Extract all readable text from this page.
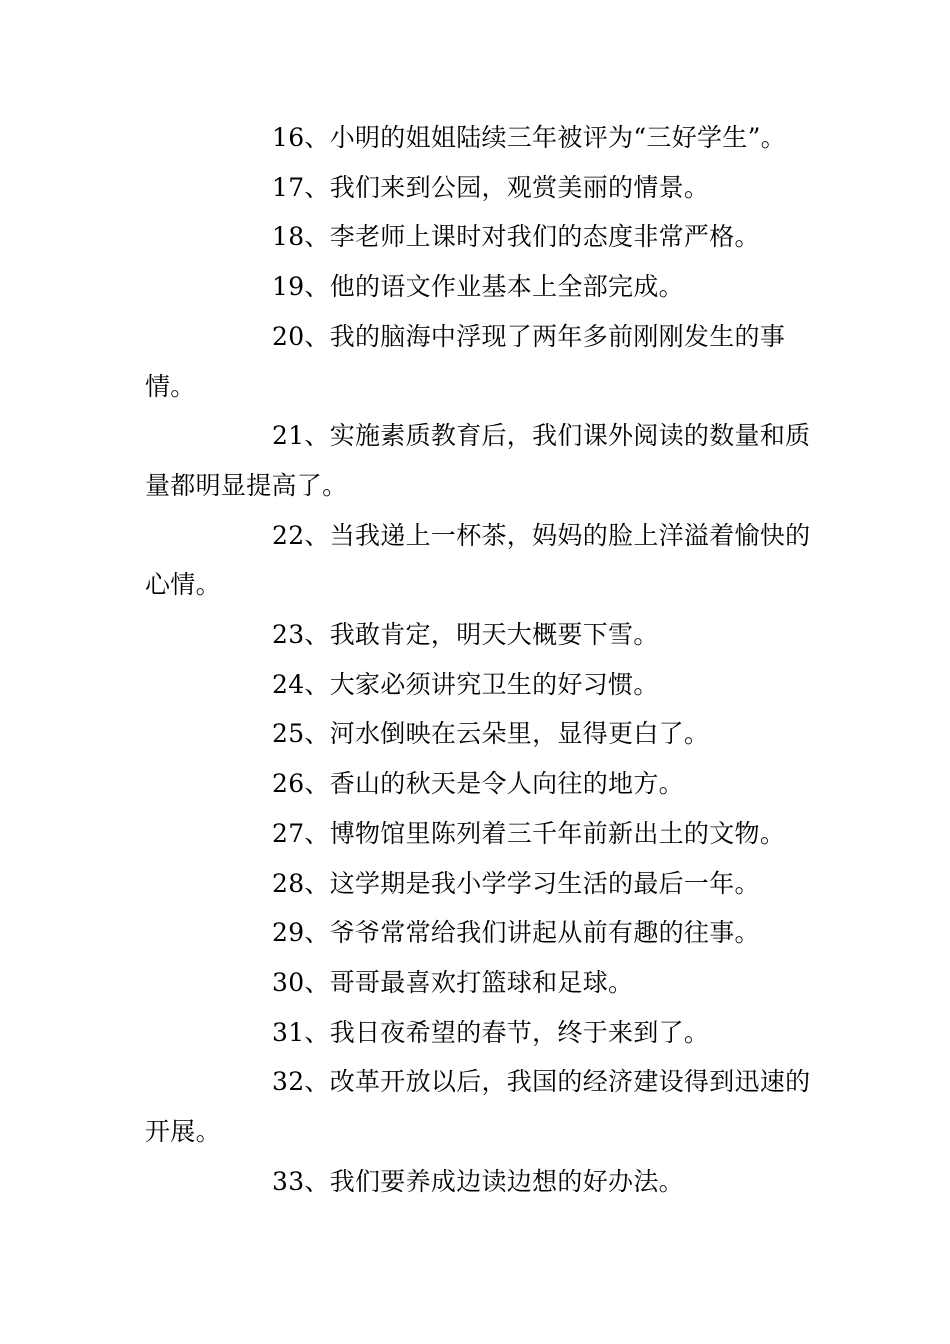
16、小明的姐姐陆续三年被评为“三好学生”。

17、我们来到公园，观赏美丽的情景。

18、李老师上课时对我们的态度非常严格。

19、他的语文作业基本上全部完成。

20、我的脑海中浮现了两年多前刚刚发生的事情。

21、实施素质教育后，我们课外阅读的数量和质量都明显提高了。

22、当我递上一杯茶，妈妈的脸上洋溢着愉快的心情。

23、我敢肯定，明天大概要下雪。

24、大家必须讲究卫生的好习惯。

25、河水倒映在云朵里，显得更白了。

26、香山的秋天是令人向往的地方。

27、博物馆里陈列着三千年前新出土的文物。

28、这学期是我小学学习生活的最后一年。

29、爷爷常常给我们讲起从前有趣的往事。

30、哥哥最喜欢打篮球和足球。

31、我日夜希望的春节，终于来到了。

32、改革开放以后，我国的经济建设得到迅速的开展。

33、我们要养成边读边想的好办法。
